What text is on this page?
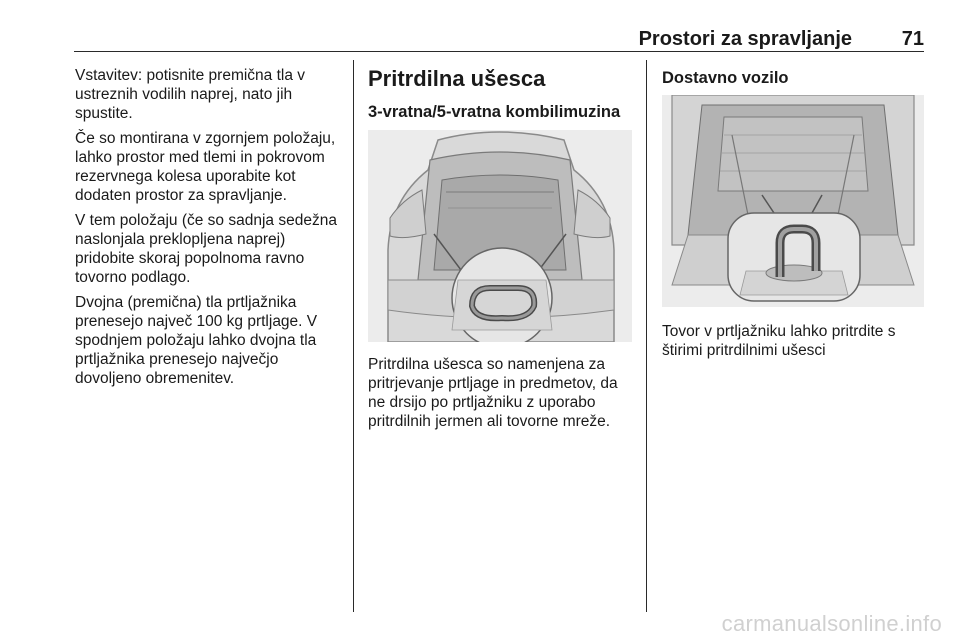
Prostori za spravljanje 71

Vstavitev: potisnite premična tla v ustreznih vodilih naprej, nato jih spustite.

Če so montirana v zgornjem položaju, lahko prostor med tlemi in pokrovom rezervnega kolesa uporabite kot dodaten prostor za spravljanje.

V tem položaju (če so sadnja sedežna naslonjala preklopljena naprej) pridobite skoraj popolnoma ravno tovorno podlago.

Dvojna (premična) tla prtljažnika prenesejo največ 100 kg prtljage. V spodnjem položaju lahko dvojna tla prtljažnika prenesejo največjo dovoljeno obremenitev.

Pritrdilna ušesca
3-vratna/5-vratna kombilimuzina

Pritrdilna ušesca so namenjena za pritrjevanje prtljage in predmetov, da ne drsijo po prtljažniku z uporabo pritrdilnih jermen ali tovorne mreže.

Dostavno vozilo

Tovor v prtljažniku lahko pritrdite s štirimi pritrdilnimi ušesci

carmanualsonline.info
